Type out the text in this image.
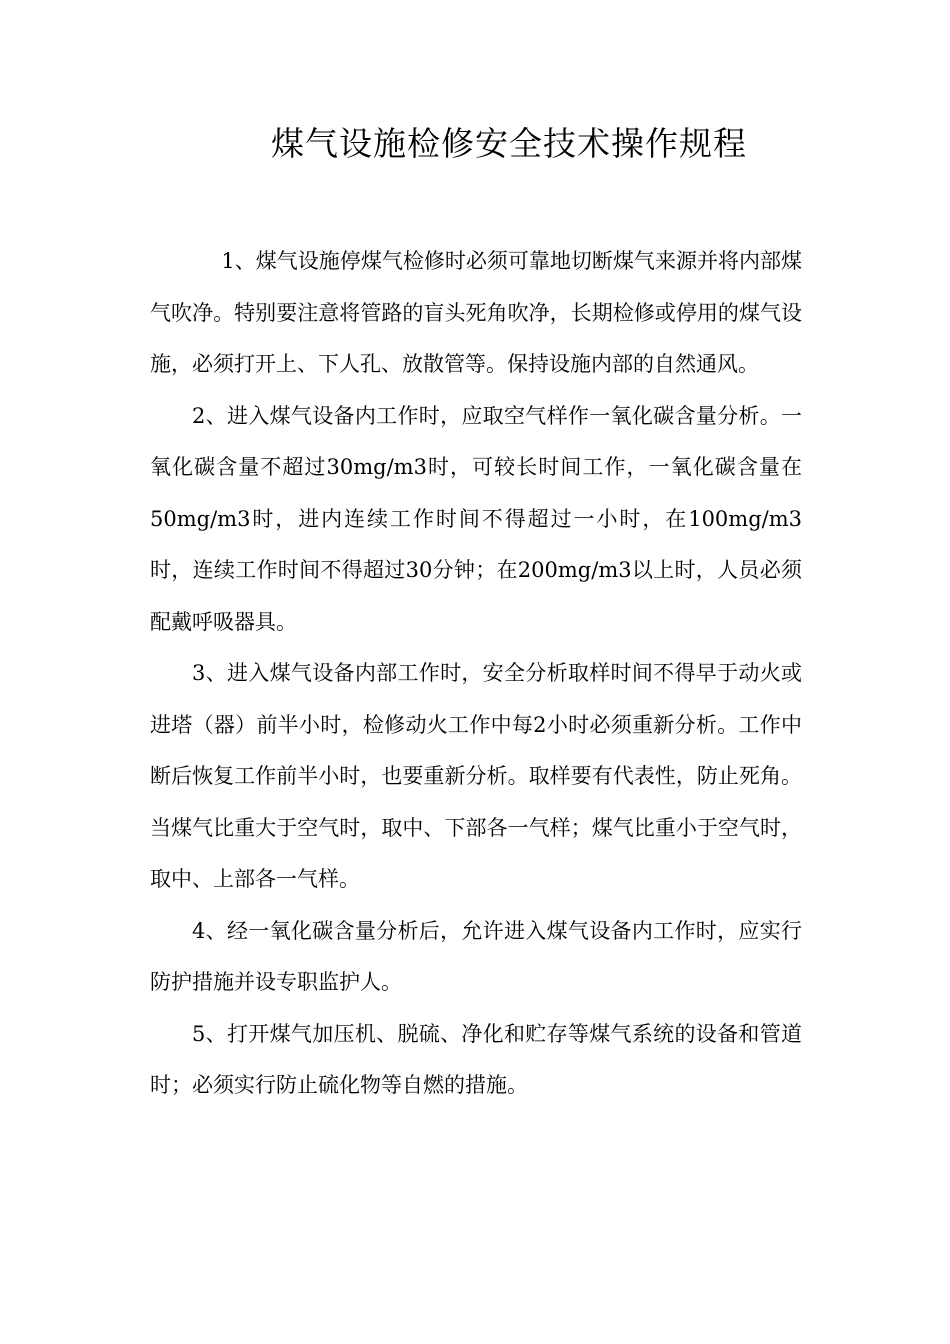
煤气设施检修安全技术操作规程

1、煤气设施停煤气检修时必须可靠地切断煤气来源并将内部煤气吹净。特别要注意将管路的盲头死角吹净，长期检修或停用的煤气设施，必须打开上、下人孔、放散管等。保持设施内部的自然通风。

2、进入煤气设备内工作时，应取空气样作一氧化碳含量分析。一氧化碳含量不超过30mg/m3时，可较长时间工作，一氧化碳含量在50mg/m3时，进内连续工作时间不得超过一小时，在100mg/m3时，连续工作时间不得超过30分钟；在200mg/m3以上时，人员必须配戴呼吸器具。

3、进入煤气设备内部工作时，安全分析取样时间不得早于动火或进塔（器）前半小时，检修动火工作中每2小时必须重新分析。工作中断后恢复工作前半小时，也要重新分析。取样要有代表性，防止死角。当煤气比重大于空气时，取中、下部各一气样；煤气比重小于空气时，取中、上部各一气样。

4、经一氧化碳含量分析后，允许进入煤气设备内工作时，应实行防护措施并设专职监护人。

5、打开煤气加压机、脱硫、净化和贮存等煤气系统的设备和管道时；必须实行防止硫化物等自燃的措施。
